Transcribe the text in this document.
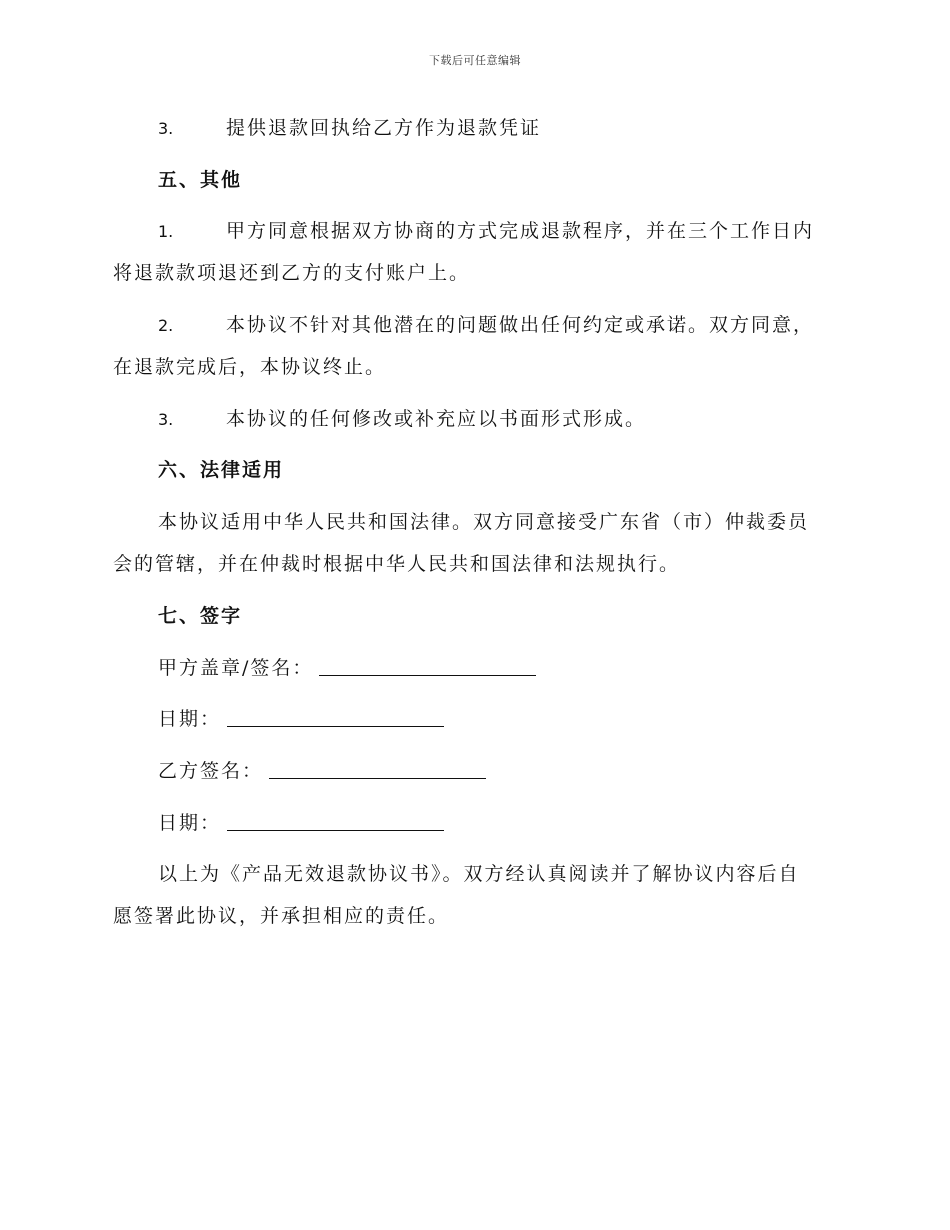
下载后可任意编辑
3.	提供退款回执给乙方作为退款凭证
五、其他
1.	甲方同意根据双方协商的方式完成退款程序，并在三个工作日内
将退款款项退还到乙方的支付账户上。
2.	本协议不针对其他潜在的问题做出任何约定或承诺。双方同意，
在退款完成后，本协议终止。
3.	本协议的任何修改或补充应以书面形式形成。
六、法律适用
本协议适用中华人民共和国法律。双方同意接受广东省（市）仲裁委员
会的管辖，并在仲裁时根据中华人民共和国法律和法规执行。
七、签字
甲方盖章/签名：
日期：
乙方签名：
日期：
以上为《产品无效退款协议书》。双方经认真阅读并了解协议内容后自
愿签署此协议，并承担相应的责任。
